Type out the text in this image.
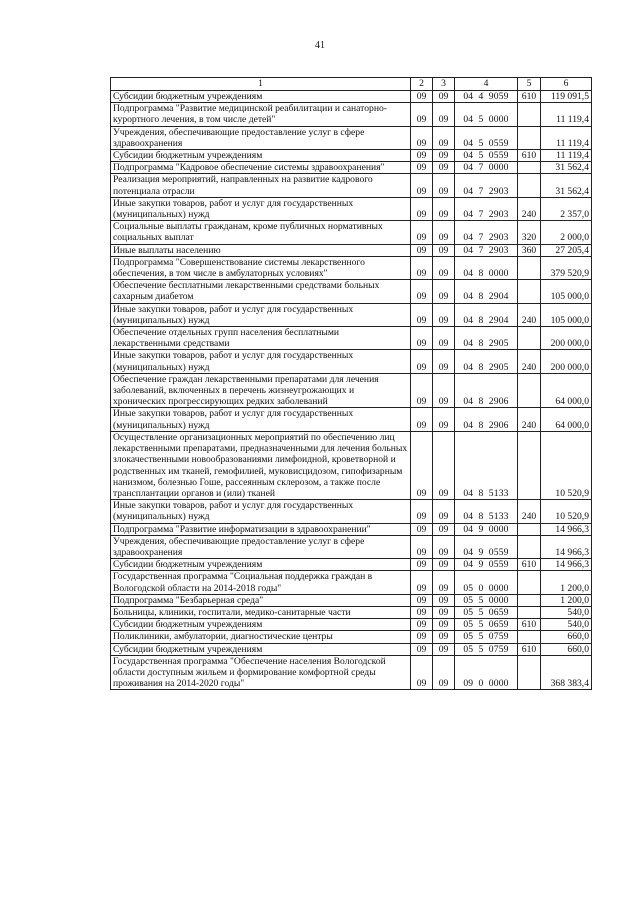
41
1	2	3	4	5	6
Субсидии бюджетным учреждениям	09	09	04  4  9059	610	119 091,5
Подпрограмма "Развитие медицинской реабилитации и санаторно-курортного лечения, в том числе детей"	09	09	04  5  0000		11 119,4
Учреждения, обеспечивающие предоставление услуг в сфере здравоохранения	09	09	04  5  0559		11 119,4
Субсидии бюджетным учреждениям	09	09	04  5  0559	610	11 119,4
Подпрограмма "Кадровое обеспечение системы здравоохранения"	09	09	04  7  0000		31 562,4
Реализация мероприятий, направленных на развитие кадрового потенциала отрасли	09	09	04  7  2903		31 562,4
Иные закупки товаров, работ и услуг для государственных (муниципальных) нужд	09	09	04  7  2903	240	2 357,0
Социальные выплаты гражданам, кроме публичных нормативных социальных выплат	09	09	04  7  2903	320	2 000,0
Иные выплаты населению	09	09	04  7  2903	360	27 205,4
Подпрограмма "Совершенствование системы лекарственного обеспечения, в том числе в амбулаторных условиях"	09	09	04  8  0000		379 520,9
Обеспечение бесплатными лекарственными средствами больных сахарным диабетом	09	09	04  8  2904		105 000,0
Иные закупки товаров, работ и услуг для государственных (муниципальных) нужд	09	09	04  8  2904	240	105 000,0
Обеспечение отдельных групп населения бесплатными лекарственными средствами	09	09	04  8  2905		200 000,0
Иные закупки товаров, работ и услуг для государственных (муниципальных) нужд	09	09	04  8  2905	240	200 000,0
Обеспечение граждан лекарственными препаратами для лечения заболеваний, включенных в перечень жизнеугрожающих и хронических прогрессирующих редких заболеваний	09	09	04  8  2906		64 000,0
Иные закупки товаров, работ и услуг для государственных (муниципальных) нужд	09	09	04  8  2906	240	64 000,0
Осуществление организационных мероприятий по обеспечению лиц лекарственными препаратами, предназначенными для лечения больных злокачественными новообразованиями лимфоидной, кроветворной и родственных им тканей, гемофилией, муковисцидозом, гипофизарным нанизмом, болезнью Гоше, рассеянным склерозом, а также после трансплантации органов и (или) тканей	09	09	04  8  5133		10 520,9
Иные закупки товаров, работ и услуг для государственных (муниципальных) нужд	09	09	04  8  5133	240	10 520,9
Подпрограмма "Развитие информатизации в здравоохранении"	09	09	04  9  0000		14 966,3
Учреждения, обеспечивающие предоставление услуг в сфере здравоохранения	09	09	04  9  0559		14 966,3
Субсидии бюджетным учреждениям	09	09	04  9  0559	610	14 966,3
Государственная программа "Социальная поддержка граждан в Вологодской области на 2014-2018 годы"	09	09	05  0  0000		1 200,0
Подпрограмма "Безбарьерная среда"	09	09	05  5  0000		1 200,0
Больницы, клиники, госпитали, медико-санитарные части	09	09	05  5  0659		540,0
Субсидии бюджетным учреждениям	09	09	05  5  0659	610	540,0
Поликлиники, амбулатории, диагностические центры	09	09	05  5  0759		660,0
Субсидии бюджетным учреждениям	09	09	05  5  0759	610	660,0
Государственная программа "Обеспечение населения Вологодской области доступным жильем и формирование комфортной среды проживания на 2014-2020 годы"	09	09	09  0  0000		368 383,4
